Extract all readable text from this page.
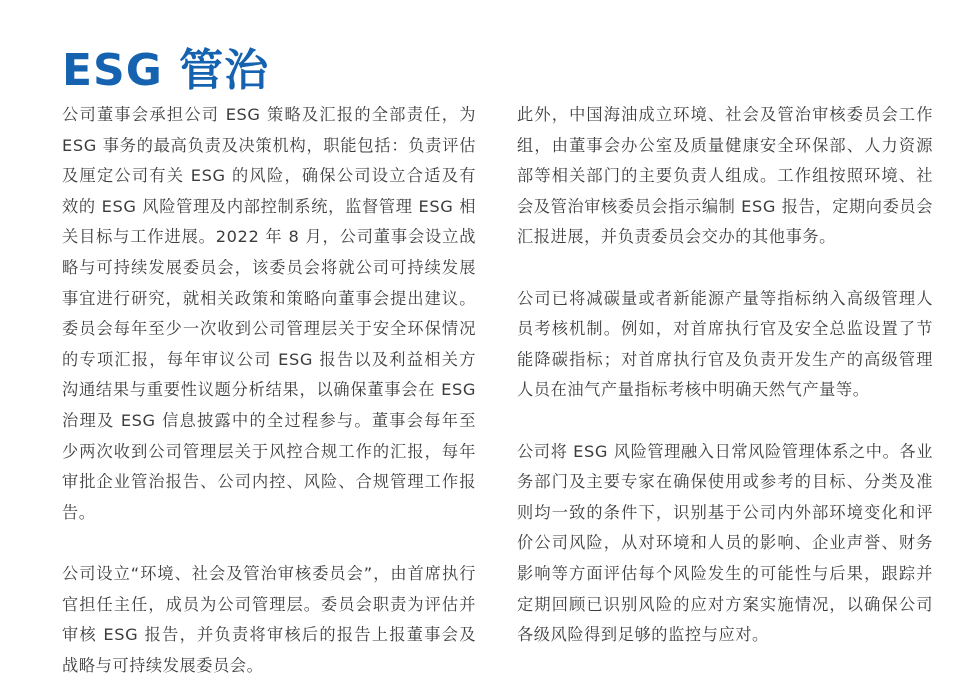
ESG 管治

公司董事会承担公司 ESG 策略及汇报的全部责任，为 ESG 事务的最高负责及决策机构，职能包括：负责评估及厘定公司有关 ESG 的风险，确保公司设立合适及有效的 ESG 风险管理及内部控制系统，监督管理 ESG 相关目标与工作进展。2022 年 8 月，公司董事会设立战略与可持续发展委员会，该委员会将就公司可持续发展事宜进行研究，就相关政策和策略向董事会提出建议。委员会每年至少一次收到公司管理层关于安全环保情况的专项汇报，每年审议公司 ESG 报告以及利益相关方沟通结果与重要性议题分析结果，以确保董事会在 ESG 治理及 ESG 信息披露中的全过程参与。董事会每年至少两次收到公司管理层关于风控合规工作的汇报，每年审批企业管治报告、公司内控、风险、合规管理工作报告。

公司设立“环境、社会及管治审核委员会”，由首席执行官担任主任，成员为公司管理层。委员会职责为评估并审核 ESG 报告，并负责将审核后的报告上报董事会及战略与可持续发展委员会。

此外，中国海油成立环境、社会及管治审核委员会工作组，由董事会办公室及质量健康安全环保部、人力资源部等相关部门的主要负责人组成。工作组按照环境、社会及管治审核委员会指示编制 ESG 报告，定期向委员会汇报进展，并负责委员会交办的其他事务。

公司已将减碳量或者新能源产量等指标纳入高级管理人员考核机制。例如，对首席执行官及安全总监设置了节能降碳指标；对首席执行官及负责开发生产的高级管理人员在油气产量指标考核中明确天然气产量等。

公司将 ESG 风险管理融入日常风险管理体系之中。各业务部门及主要专家在确保使用或参考的目标、分类及准则均一致的条件下，识别基于公司内外部环境变化和评价公司风险，从对环境和人员的影响、企业声誉、财务影响等方面评估每个风险发生的可能性与后果，跟踪并定期回顾已识别风险的应对方案实施情况，以确保公司各级风险得到足够的监控与应对。
